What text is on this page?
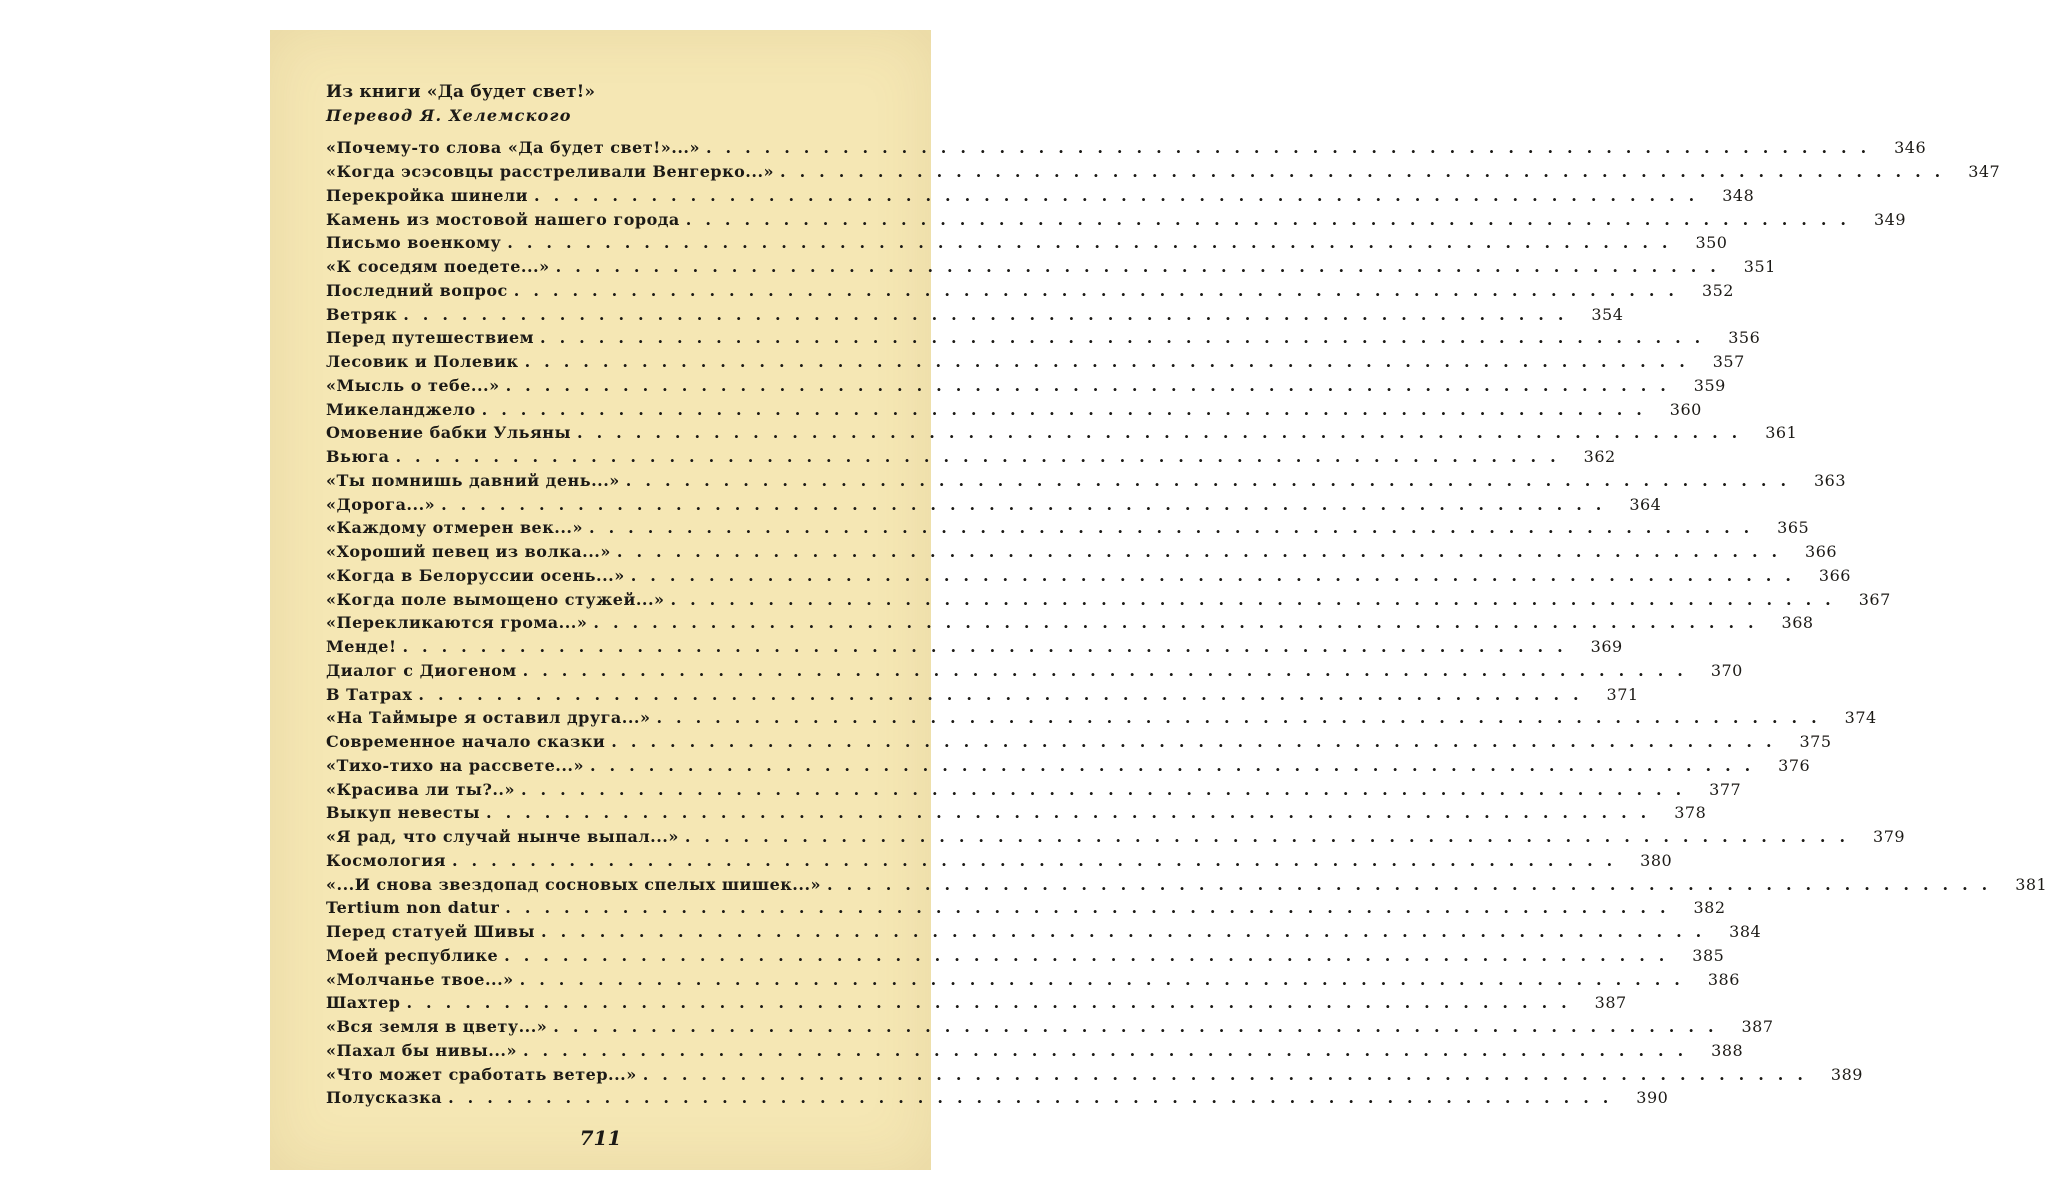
Из книги «Да будет свет!»
Перевод Я. Хелемского
«Почему-то слова «Да будет свет!»...» ............................................................ 346
«Когда эсэсовцы расстреливали Венгерко...» ............................................................ 347
Перекройка шинели ............................................................ 348
Камень из мостовой нашего города ............................................................ 349
Письмо военкому ............................................................ 350
«К соседям поедете...» ............................................................ 351
Последний вопрос ............................................................ 352
Ветряк ............................................................ 354
Перед путешествием ............................................................ 356
Лесовик и Полевик ............................................................ 357
«Мысль о тебе...» ............................................................ 359
Микеланджело ............................................................ 360
Омовение бабки Ульяны ............................................................ 361
Вьюга ............................................................ 362
«Ты помнишь давний день...» ............................................................ 363
«Дорога...» ............................................................ 364
«Каждому отмерен век...» ............................................................ 365
«Хороший певец из волка...» ............................................................ 366
«Когда в Белоруссии осень...» ............................................................ 366
«Когда поле вымощено стужей...» ............................................................ 367
«Перекликаются грома...» ............................................................ 368
Менде! ............................................................ 369
Диалог с Диогеном ............................................................ 370
В Татрах ............................................................ 371
«На Таймыре я оставил друга...» ............................................................ 374
Современное начало сказки ............................................................ 375
«Тихо-тихо на рассвете...» ............................................................ 376
«Красива ли ты?..» ............................................................ 377
Выкуп невесты ............................................................ 378
«Я рад, что случай нынче выпал...» ............................................................ 379
Космология ............................................................ 380
«...И снова звездопад сосновых спелых шишек...» ............................................................ 381
Tertium non datur ............................................................ 382
Перед статуей Шивы ............................................................ 384
Моей республике ............................................................ 385
«Молчанье твое...» ............................................................ 386
Шахтер ............................................................ 387
«Вся земля в цвету...» ............................................................ 387
«Пахал бы нивы...» ............................................................ 388
«Что может сработать ветер...» ............................................................ 389
Полусказка ............................................................ 390
711
